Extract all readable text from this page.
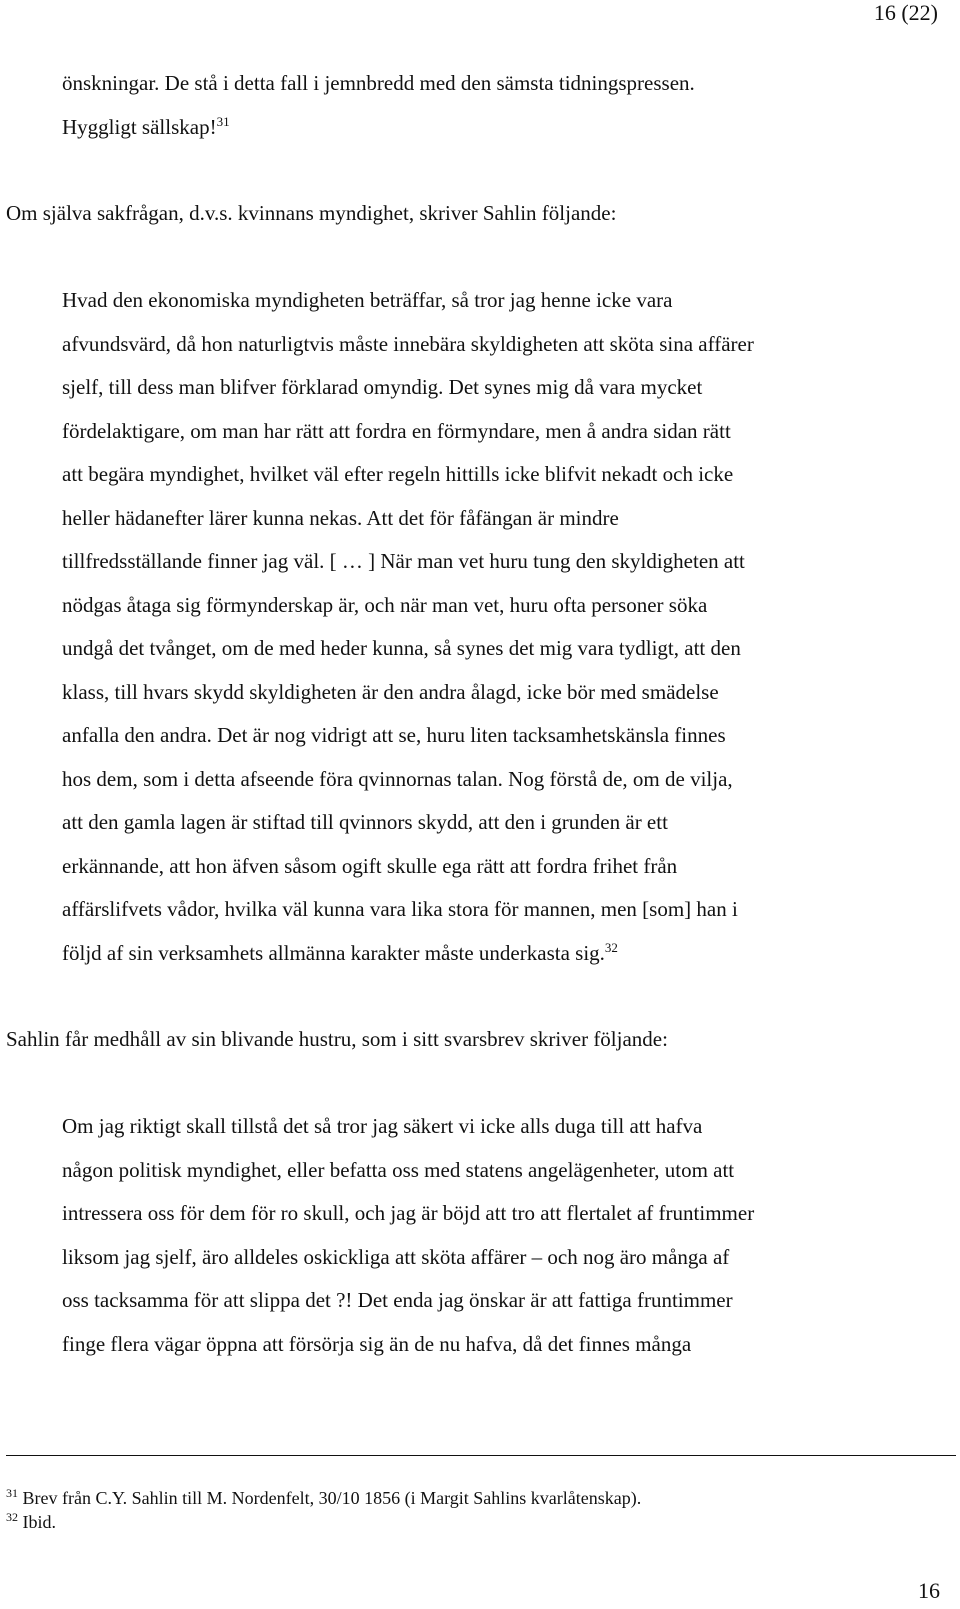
16 (22)
önskningar. De stå i detta fall i jemnbredd med den sämsta tidningspressen.
Hyggligt sällskap!$^{31}$
Om själva sakfrågan, d.v.s. kvinnans myndighet, skriver Sahlin följande:
Hvad den ekonomiska myndigheten beträffar, så tror jag henne icke vara
afvundsvärd, då hon naturligtvis måste innebära skyldigheten att sköta sina affärer
sjelf, till dess man blifver förklarad omyndig. Det synes mig då vara mycket
fördelaktigare, om man har rätt att fordra en förmyndare, men å andra sidan rätt
att begära myndighet, hvilket väl efter regeln hittills icke blifvit nekadt och icke
heller hädanefter lärer kunna nekas. Att det för fåfängan är mindre
tillfredsställande finner jag väl. [ … ] När man vet huru tung den skyldigheten att
nödgas åtaga sig förmynderskap är, och när man vet, huru ofta personer söka
undgå det tvånget, om de med heder kunna, så synes det mig vara tydligt, att den
klass, till hvars skydd skyldigheten är den andra ålagd, icke bör med smädelse
anfalla den andra. Det är nog vidrigt att se, huru liten tacksamhetskänsla finnes
hos dem, som i detta afseende föra qvinnornas talan. Nog förstå de, om de vilja,
att den gamla lagen är stiftad till qvinnors skydd, att den i grunden är ett
erkännande, att hon äfven såsom ogift skulle ega rätt att fordra frihet från
affärslifvets vådor, hvilka väl kunna vara lika stora för mannen, men [som] han i
följd af sin verksamhets allmänna karakter måste underkasta sig.$^{32}$
Sahlin får medhåll av sin blivande hustru, som i sitt svarsbrev skriver följande:
Om jag riktigt skall tillstå det så tror jag säkert vi icke alls duga till att hafva
någon politisk myndighet, eller befatta oss med statens angelägenheter, utom att
intressera oss för dem för ro skull, och jag är böjd att tro att flertalet af fruntimmer
liksom jag sjelf, äro alldeles oskickliga att sköta affärer – och nog äro många af
oss tacksamma för att slippa det ?! Det enda jag önskar är att fattiga fruntimmer
finge flera vägar öppna att försörja sig än de nu hafva, då det finnes många
$^{31}$ Brev från C.Y. Sahlin till M. Nordenfelt, 30/10 1856 (i Margit Sahlins kvarlåtenskap).
$^{32}$ Ibid.
16
